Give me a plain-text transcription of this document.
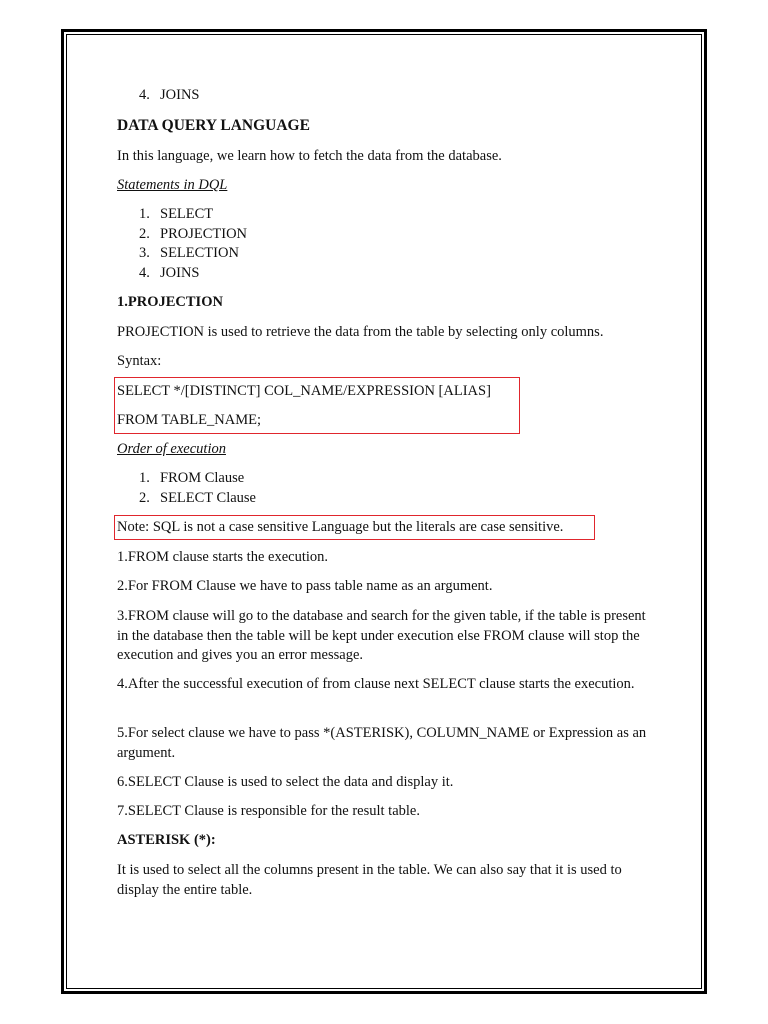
4. JOINS
DATA QUERY LANGUAGE
In this language, we learn how to fetch the data from the database.
Statements in DQL
1. SELECT
2. PROJECTION
3. SELECTION
4. JOINS
1.PROJECTION
PROJECTION is used to retrieve the data from the table by selecting only columns.
Syntax:
SELECT */[DISTINCT] COL_NAME/EXPRESSION [ALIAS]
FROM TABLE_NAME;
Order of execution
1. FROM Clause
2. SELECT Clause
Note: SQL is not a case sensitive Language but the literals are case sensitive.
1.FROM clause starts the execution.
2.For FROM Clause we have to pass table name as an argument.
3.FROM clause will go to the database and search for the given table, if the table is present in the database then the table will be kept under execution else FROM clause will stop the execution and gives you an error message.
4.After the successful execution of from clause next SELECT clause starts the execution.
5.For select clause we have to pass *(ASTERISK), COLUMN_NAME or Expression as an argument.
6.SELECT Clause is used to select the data and display it.
7.SELECT Clause is responsible for the result table.
ASTERISK (*):
It is used to select all the columns present in the table. We can also say that it is used to display the entire table.
